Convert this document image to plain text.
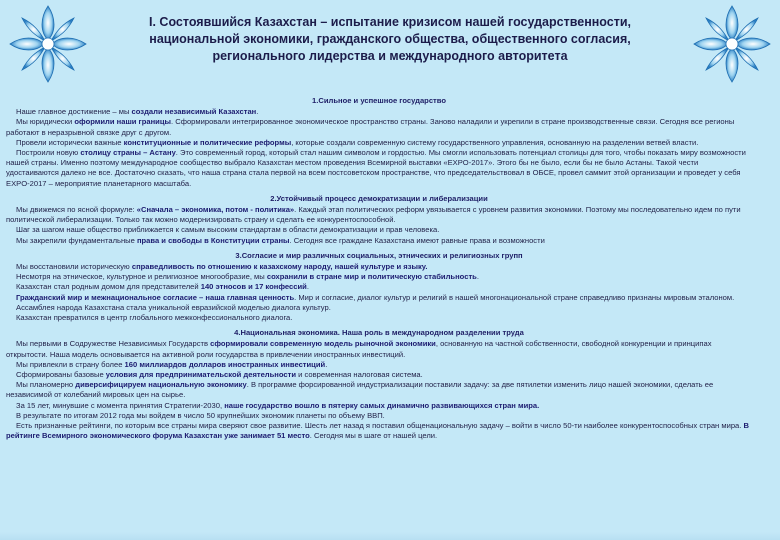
I. Состоявшийся Казахстан – испытание кризисом нашей государственности,
национальной экономики, гражданского общества, общественного согласия,
регионального лидерства и международного авторитета
1.Сильное и успешное государство

Наше главное достижение – мы создали независимый Казахстан.

Мы юридически оформили наши границы. Сформировали интегрированное экономическое пространство страны. Заново наладили и укрепили в стране производственные связи. Сегодня все регионы работают в неразрывной связке друг с другом.

Провели исторически важные конституционные и политические реформы, которые создали современную систему государственного управления, основанную на разделении ветвей власти.

Построили новую столицу страны – Астану. Это современный город, который стал нашим символом и гордостью. Мы смогли использовать потенциал столицы для того, чтобы показать миру возможности нашей страны. Именно поэтому международное сообщество выбрало Казахстан местом проведения Всемирной выставки «EXPO-2017». Этого бы не было, если бы не было Астаны. Такой чести удостаиваются далеко не все. Достаточно сказать, что наша страна стала первой на всем постсоветском пространстве, что председательствовал в ОБСЕ, провел саммит этой организации и проведет у себя EXPO-2017 – мероприятие планетарного масштаба.

2.Устойчивый процесс демократизации и либерализации

Мы движемся по ясной формуле: «Сначала – экономика, потом - политика». Каждый этап политических реформ увязывается с уровнем развития экономики. Поэтому мы последовательно идем по пути политической либерализации. Только так можно модернизировать страну и сделать ее конкурентоспособной.

Шаг за шагом наше общество приближается к самым высоким стандартам в области демократизации и прав человека.

Мы закрепили фундаментальные права и свободы в Конституции страны. Сегодня все граждане Казахстана имеют равные права и возможности

3.Согласие и мир различных социальных, этнических и религиозных групп

Мы восстановили историческую справедливость по отношению к казахскому народу, нашей культуре и языку.

Несмотря на этническое, культурное и религиозное многообразие, мы сохранили в стране мир и политическую стабильность.

Казахстан стал родным домом для представителей 140 этносов и 17 конфессий.

Гражданский мир и межнациональное согласие – наша главная ценность. Мир и согласие, диалог культур и религий в нашей многонациональной стране справедливо признаны мировым эталоном.

Ассамблея народа Казахстана стала уникальной евразийской моделью диалога культур.

Казахстан превратился в центр глобального межконфессионального диалога.

4.Национальная экономика. Наша роль в международном разделении труда

Мы первыми в Содружестве Независимых Государств сформировали современную модель рыночной экономики, основанную на частной собственности, свободной конкуренции и принципах открытости. Наша модель основывается на активной роли государства в привлечении иностранных инвестиций.

Мы привлекли в страну более 160 миллиардов долларов иностранных инвестиций.

Сформированы базовые условия для предпринимательской деятельности и современная налоговая система.

Мы планомерно диверсифицируем национальную экономику. В программе форсированной индустриализации поставили задачу: за две пятилетки изменить лицо нашей экономики, сделать ее независимой от колебаний мировых цен на сырье.

За 15 лет, минувшие с момента принятия Стратегии-2030, наше государство вошло в пятерку самых динамично развивающихся стран мира.

В результате по итогам 2012 года мы войдем в число 50 крупнейших экономик планеты по объему ВВП.

Есть признанные рейтинги, по которым все страны мира сверяют свое развитие. Шесть лет назад я поставил общенациональную задачу – войти в число 50-ти наиболее конкурентоспособных стран мира. В рейтинге Всемирного экономического форума Казахстан уже занимает 51 место. Сегодня мы в шаге от нашей цели.
